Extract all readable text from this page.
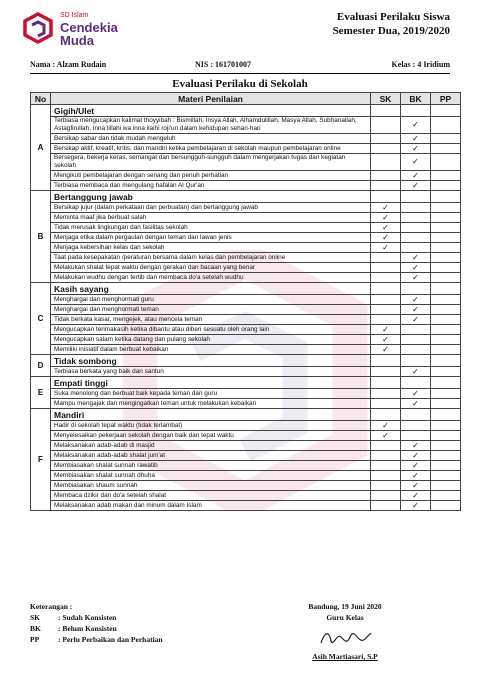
SD Islam
Cendekia
Muda
Evaluasi Perilaku Siswa
Semester Dua, 2019/2020
Nama : Alzam Rudain	NIS : 161701007	Kelas : 4 Iridium
Evaluasi Perilaku di Sekolah
No	Materi Penilaian	SK	BK	PP
A	Gigih/Ulet			
	Terbiasa mengucapkan kalimat thoyyibah : Bismillah, Insya Allah, Alhamdulillah, Masya Allah, Subhanallah, Astagfirullah, Inna lillahi wa inna ilaihi roji'un dalam kehidupan sehari-hari		✓	
	Bersikap sabar dan tidak mudah mengeluh		✓	
	Bersikap aktif, kreatif, kritis, dan mandiri ketika pembelajaran di sekolah maupun pembelajaran online		✓	
	Bersegera, bekerja keras, semangat dan bersungguh-sungguh dalam mengerjakan tugas dan kegiatan sekolah		✓	
	Mengikuti pembelajaran dengan senang dan penuh perhatian		✓	
	Terbiasa membaca dan mengulang hafalan Al Qur'an		✓	
B	Bertanggung jawab			
	Bersikap jujur (dalam perkataan dan perbuatan) dan bertanggung jawab	✓		
	Meminta maaf jika berbuat salah	✓		
	Tidak merusak lingkungan dan fasilitas sekolah	✓		
	Menjaga etika dalam pergaulan dengan teman dan lawan jenis	✓		
	Menjaga kebersihan kelas dan sekolah	✓		
	Taat pada kesepakatan /peraturan bersama dalam kelas dan pembelajaran online		✓	
	Melakukan shalat tepat waktu dengan gerakan dan bacaan yang benar		✓	
	Melakukan wudhu dengan tertib dan membaca do'a setelah wudhu		✓	
C	Kasih sayang			
	Menghargai dan menghormati guru		✓	
	Menghargai dan menghormati teman		✓	
	Tidak berkata kasar, mengejek, atau mencela teman		✓	
	Mengucapkan terimakasih ketika dibantu atau diberi sesuatu oleh orang lain	✓		
	Mengucapkan salam ketika datang dan pulang sekolah	✓		
	Memiliki inisiatif dalam berbuat kebaikan	✓		
D	Tidak sombong			
	Terbiasa berkata yang baik dan santun		✓	
E	Empati tinggi			
	Suka menolong dan berbuat baik kepada teman dan guru		✓	
	Mampu mengajak dan mengingatkan teman untuk melakukan kebaikan		✓	
F	Mandiri			
	Hadir di sekolah tepat waktu (tidak terlambat)	✓		
	Menyelesaikan pekerjaan sekolah dengan baik dan tepat waktu	✓		
	Melaksanakan adab-adab di masjid		✓	
	Melaksanakan adab-adab shalat jum'at		✓	
	Membiasakan shalat sunnah rawatib		✓	
	Membiasakan shalat sunnah dhuha		✓	
	Membiasakan shaum sunnah		✓	
	Membaca dzikir dan do'a setelah shalat		✓	
	Melaksanakan adab makan dan minum dalam Islam		✓	
Keterangan :
SK : Sudah Konsisten
BK : Belum Konsisten
PP	: Perlu Perbaikan dan Perhatian
Bandung, 19 Juni 2020
Guru Kelas
Asih Martiasari, S.P
